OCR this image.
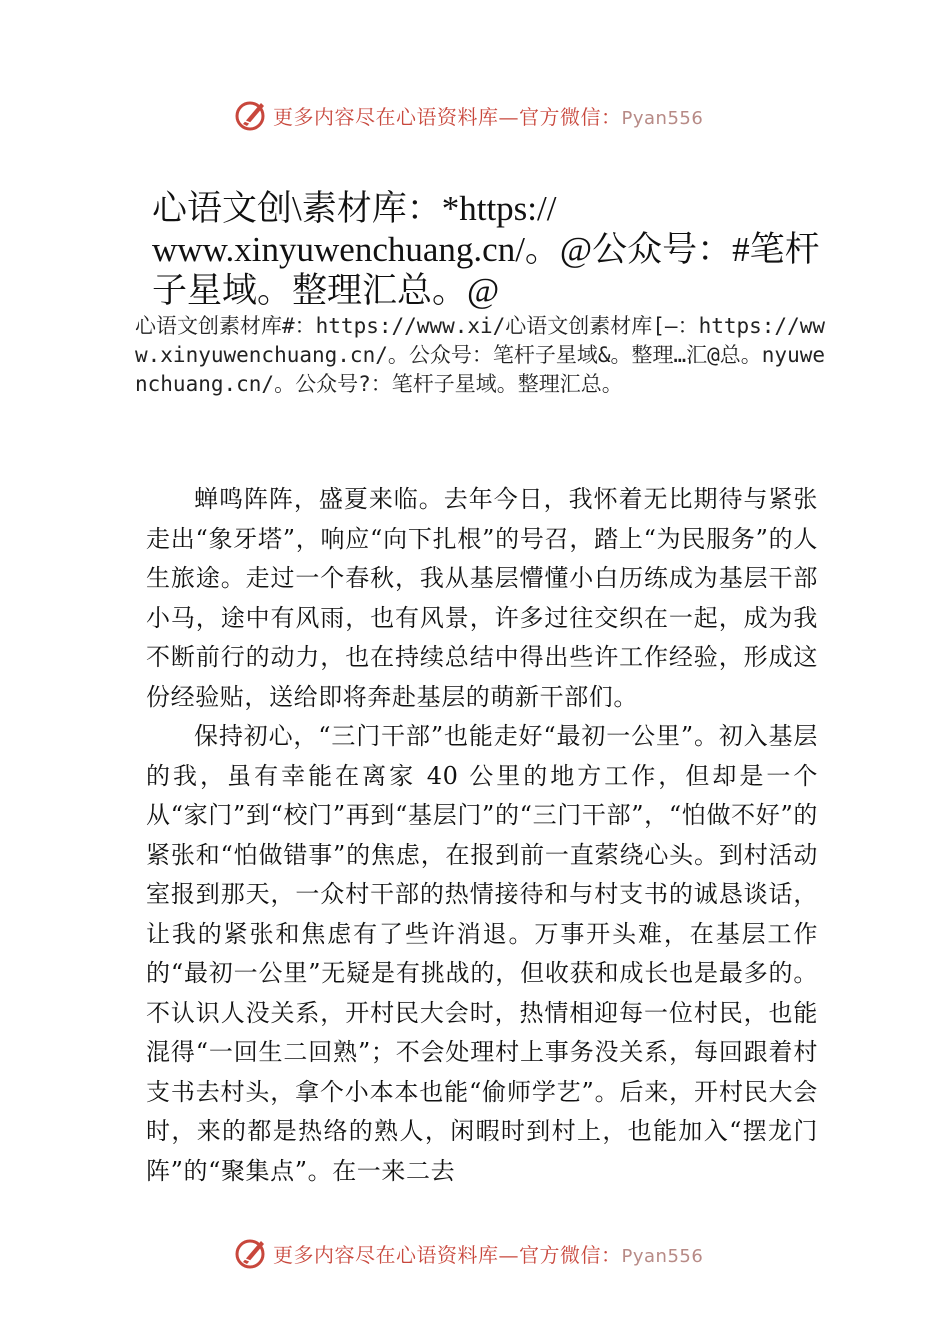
更多内容尽在心语资料库—官方微信：Pyan556
心语文创\素材库：*https:// www.xinyuwenchuang.cn/。@公众号：#笔杆子星域。整理汇总。@
心语文创素材库#：https://www.xi/心语文创素材库[—：https://www.xinyuwenchuang.cn/。公众号：笔杆子星域&。整理…汇@总。nyuwenchuang.cn/。公众号?：笔杆子星域。整理汇总。

蝉鸣阵阵，盛夏来临。去年今日，我怀着无比期待与紧张走出“象牙塔”，响应“向下扎根”的号召，踏上“为民服务”的人生旅途。走过一个春秋，我从基层懵懂小白历练成为基层干部小马，途中有风雨，也有风景，许多过往交织在一起，成为我不断前行的动力，也在持续总结中得出些许工作经验，形成这份经验贴，送给即将奔赴基层的萌新干部们。

保持初心，“三门干部”也能走好“最初一公里”。初入基层的我，虽有幸能在离家 40 公里的地方工作，但却是一个从“家门”到“校门”再到“基层门”的“三门干部”，“怕做不好”的紧张和“怕做错事”的焦虑，在报到前一直萦绕心头。到村活动室报到那天，一众村干部的热情接待和与村支书的诚恳谈话，让我的紧张和焦虑有了些许消退。万事开头难，在基层工作的“最初一公里”无疑是有挑战的，但收获和成长也是最多的。不认识人没关系，开村民大会时，热情相迎每一位村民，也能混得“一回生二回熟”；不会处理村上事务没关系，每回跟着村支书去村头，拿个小本本也能“偷师学艺”。后来，开村民大会时，来的都是热络的熟人，闲暇时到村上，也能加入“摆龙门阵”的“聚集点”。在一来二去

更多内容尽在心语资料库—官方微信：Pyan556
